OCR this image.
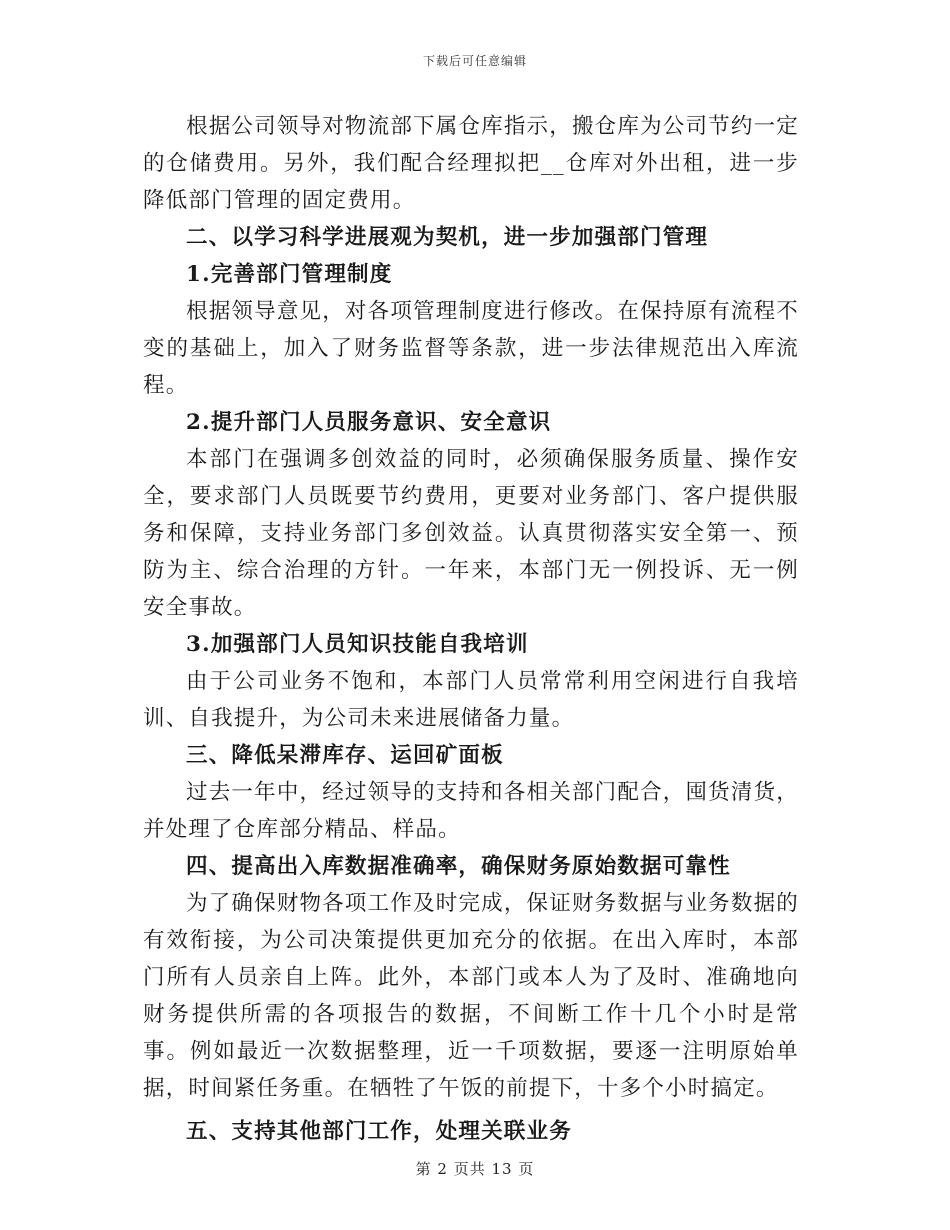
下载后可任意编辑

根据公司领导对物流部下属仓库指示，搬仓库为公司节约一定的仓储费用。另外，我们配合经理拟把__仓库对外出租，进一步降低部门管理的固定费用。

二、以学习科学进展观为契机，进一步加强部门管理

1.完善部门管理制度

根据领导意见，对各项管理制度进行修改。在保持原有流程不变的基础上，加入了财务监督等条款，进一步法律规范出入库流程。

2.提升部门人员服务意识、安全意识

本部门在强调多创效益的同时，必须确保服务质量、操作安全，要求部门人员既要节约费用，更要对业务部门、客户提供服务和保障，支持业务部门多创效益。认真贯彻落实安全第一、预防为主、综合治理的方针。一年来，本部门无一例投诉、无一例安全事故。

3.加强部门人员知识技能自我培训

由于公司业务不饱和，本部门人员常常利用空闲进行自我培训、自我提升，为公司未来进展储备力量。

三、降低呆滞库存、运回矿面板

过去一年中，经过领导的支持和各相关部门配合，囤货清货，并处理了仓库部分精品、样品。

四、提高出入库数据准确率，确保财务原始数据可靠性

为了确保财物各项工作及时完成，保证财务数据与业务数据的有效衔接，为公司决策提供更加充分的依据。在出入库时，本部门所有人员亲自上阵。此外，本部门或本人为了及时、准确地向财务提供所需的各项报告的数据，不间断工作十几个小时是常事。例如最近一次数据整理，近一千项数据，要逐一注明原始单据，时间紧任务重。在牺牲了午饭的前提下，十多个小时搞定。

五、支持其他部门工作，处理关联业务

第 2 页共 13 页
